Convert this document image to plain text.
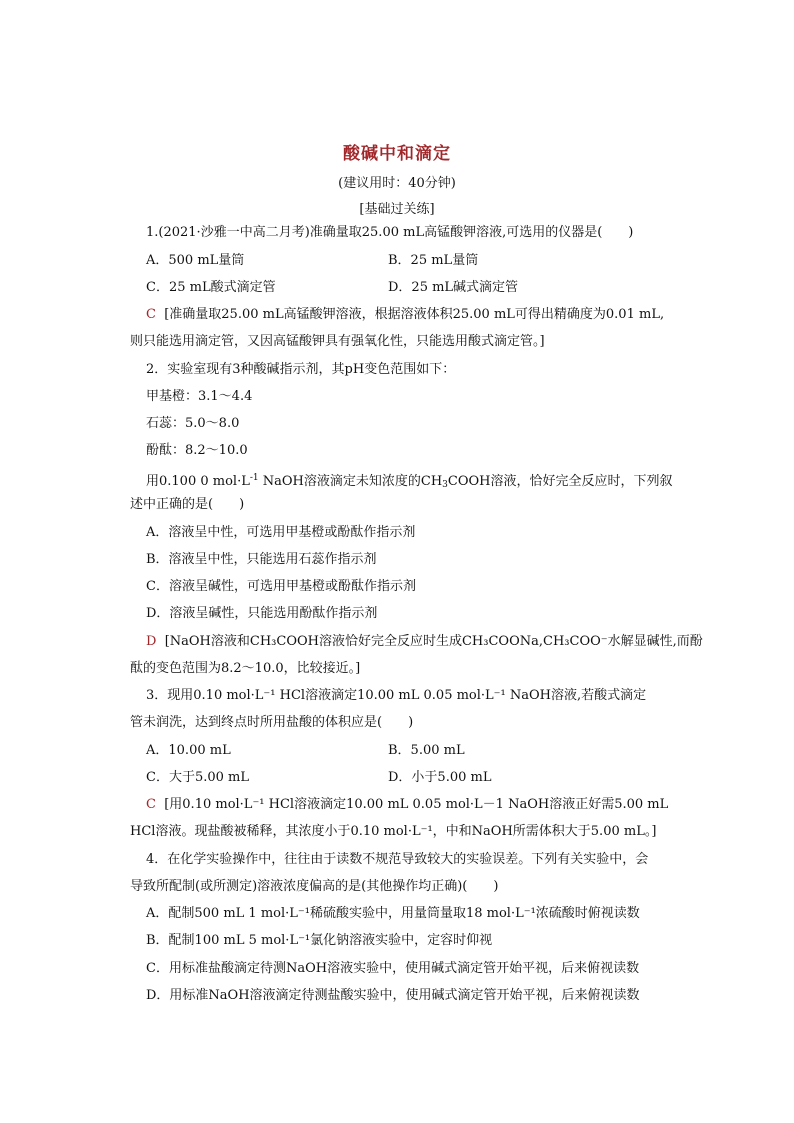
酸碱中和滴定
(建议用时：40分钟)
[基础过关练]
1.(2021·沙雅一中高二月考)准确量取25.00 mL高锰酸钾溶液,可选用的仪器是(　　)
A．500 mL量筒	B．25 mL量筒
C．25 mL酸式滴定管	D．25 mL碱式滴定管
C [准确量取25.00 mL高锰酸钾溶液，根据溶液体积25.00 mL可得出精确度为0.01 mL,
则只能选用滴定管，又因高锰酸钾具有强氧化性，只能选用酸式滴定管。]
2．实验室现有3种酸碱指示剂，其pH变色范围如下：
甲基橙：3.1～4.4
石蕊：5.0～8.0
酚酞：8.2～10.0
用0.100 0 $mol\cdot L^{-1}$ NaOH溶液滴定未知浓度的$CH_3COOH$溶液，恰好完全反应时，下列叙
述中正确的是(　　)
A．溶液呈中性，可选用甲基橙或酚酞作指示剂
B．溶液呈中性，只能选用石蕊作指示剂
C．溶液呈碱性，可选用甲基橙或酚酞作指示剂
D．溶液呈碱性，只能选用酚酞作指示剂
D [NaOH溶液和CH₃COOH溶液恰好完全反应时生成CH₃COONa,CH₃COO⁻水解显碱性,而酚
酞的变色范围为8.2～10.0，比较接近。]
3．现用0.10 mol·L⁻¹ HCl溶液滴定10.00 mL 0.05 mol·L⁻¹ NaOH溶液,若酸式滴定
管未润洗，达到终点时所用盐酸的体积应是(　　)
A．10.00 mL	B．5.00 mL
C．大于5.00 mL	D．小于5.00 mL
C [用0.10 mol·L⁻¹ HCl溶液滴定10.00 mL 0.05 mol·L－1 NaOH溶液正好需5.00 mL
HCl溶液。现盐酸被稀释，其浓度小于0.10 mol·L⁻¹，中和NaOH所需体积大于5.00 mL。]
4．在化学实验操作中，往往由于读数不规范导致较大的实验误差。下列有关实验中，会
导致所配制(或所测定)溶液浓度偏高的是(其他操作均正确)(　　)
A．配制500 mL 1 mol·L⁻¹稀硫酸实验中，用量筒量取18 mol·L⁻¹浓硫酸时俯视读数
B．配制100 mL 5 mol·L⁻¹氯化钠溶液实验中，定容时仰视
C．用标准盐酸滴定待测NaOH溶液实验中，使用碱式滴定管开始平视，后来俯视读数
D．用标准NaOH溶液滴定待测盐酸实验中，使用碱式滴定管开始平视，后来俯视读数
